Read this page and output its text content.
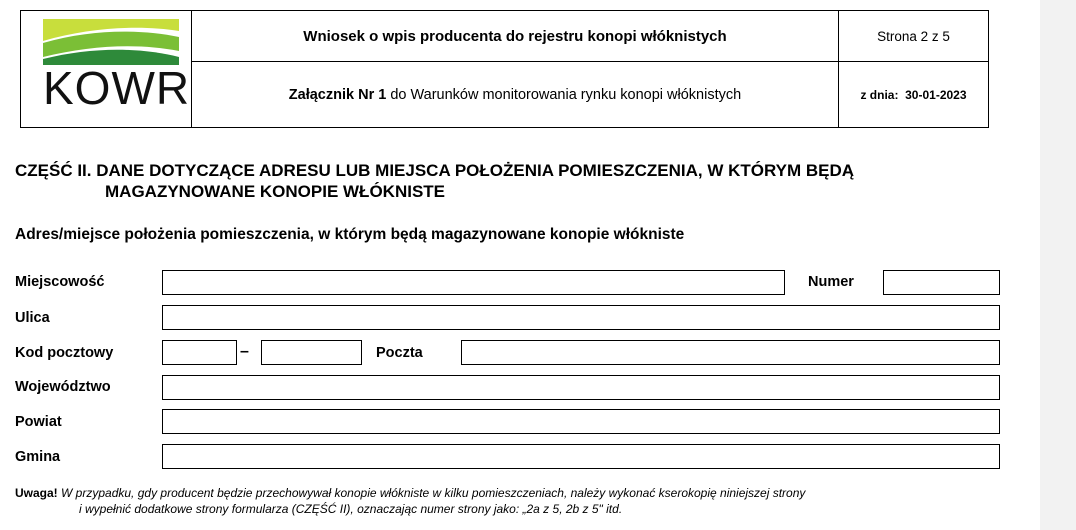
KOWR
Wniosek o wpis producenta do rejestru konopi włóknistych	Strona 2 z 5
Załącznik Nr 1 do Warunków monitorowania rynku konopi włóknistych	z dnia:  30-01-2023
CZĘŚĆ II. DANE DOTYCZĄCE ADRESU LUB MIEJSCA POŁOŻENIA POMIESZCZENIA, W KTÓRYM BĘDĄ
MAGAZYNOWANE KONOPIE WŁÓKNISTE
Adres/miejsce położenia pomieszczenia, w którym będą magazynowane konopie włókniste
Miejscowość	Numer
Ulica
Kod pocztowy	–	Poczta
Województwo
Powiat
Gmina
Uwaga! W przypadku, gdy producent będzie przechowywał konopie włókniste w kilku pomieszczeniach, należy wykonać kserokopię niniejszej strony
i wypełnić dodatkowe strony formularza (CZĘŚĆ II), oznaczając numer strony jako: „2a z 5, 2b z 5" itd.
